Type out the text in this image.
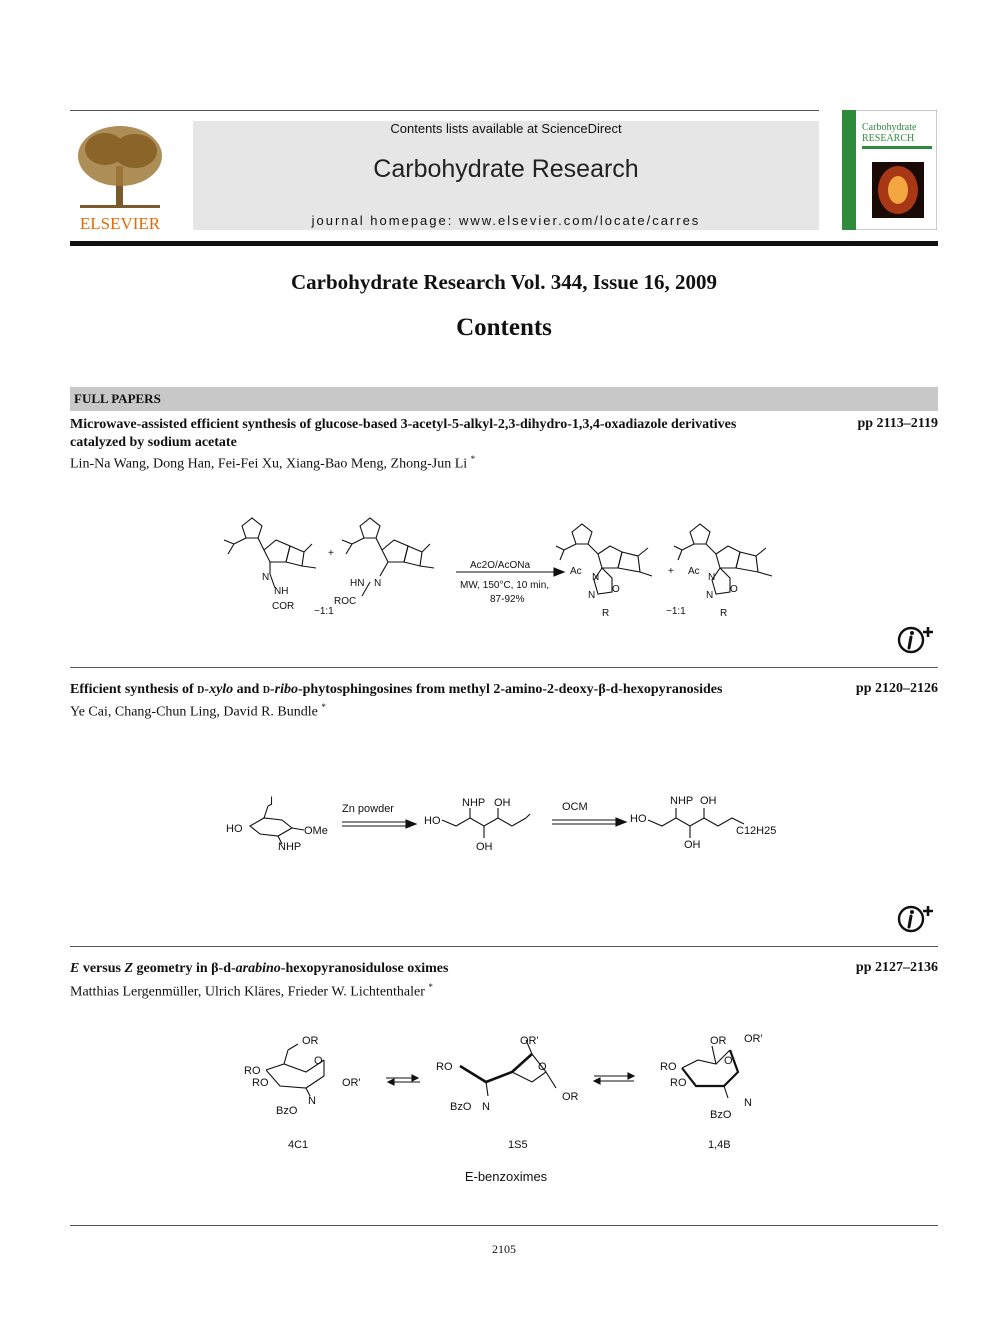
ELSEVIER
Contents lists available at ScienceDirect
Carbohydrate Research
journal homepage: www.elsevier.com/locate/carres
Carbohydrate
RESEARCH
Carbohydrate Research Vol. 344, Issue 16, 2009
Contents
FULL PAPERS
Microwave-assisted efficient synthesis of glucose-based 3-acetyl-5-alkyl-2,3-dihydro-1,3,4-oxadiazole derivatives
catalyzed by sodium acetate
pp 2113–2119
Lin-Na Wang, Dong Han, Fei-Fei Xu, Xiang-Bao Meng, Zhong-Jun Li *
N
NH
COR
+
HN N
ROC
~1:1
Ac2O/AcONa
MW, 150°C, 10 min,
87-92%
Ac
N
N
O
R
+ Ac
N
N
O
R
~1:1
Efficient synthesis of d-xylo and d-ribo-phytosphingosines from methyl 2-amino-2-deoxy-β-d-hexopyranosides	pp 2120–2126
Ye Cai, Chang-Chun Ling, David R. Bundle *
I
HO	OMe
NHP
Zn powder	NHP OH
HO
OH
OCM	NHP OH
HO
OH
C12H25
E versus Z geometry in β-d-arabino-hexopyranosidulose oximes	pp 2127–2136
Matthias Lergenmüller, Ulrich Kläres, Frieder W. Lichtenthaler *
OR
O
RO
RO	OR'
N
BzO
OR'
RO	O
OR
BzO N
OR OR'
O
RO
RO
N
BzO
4C1	1S5	1,4B
E-benzoximes
2105
